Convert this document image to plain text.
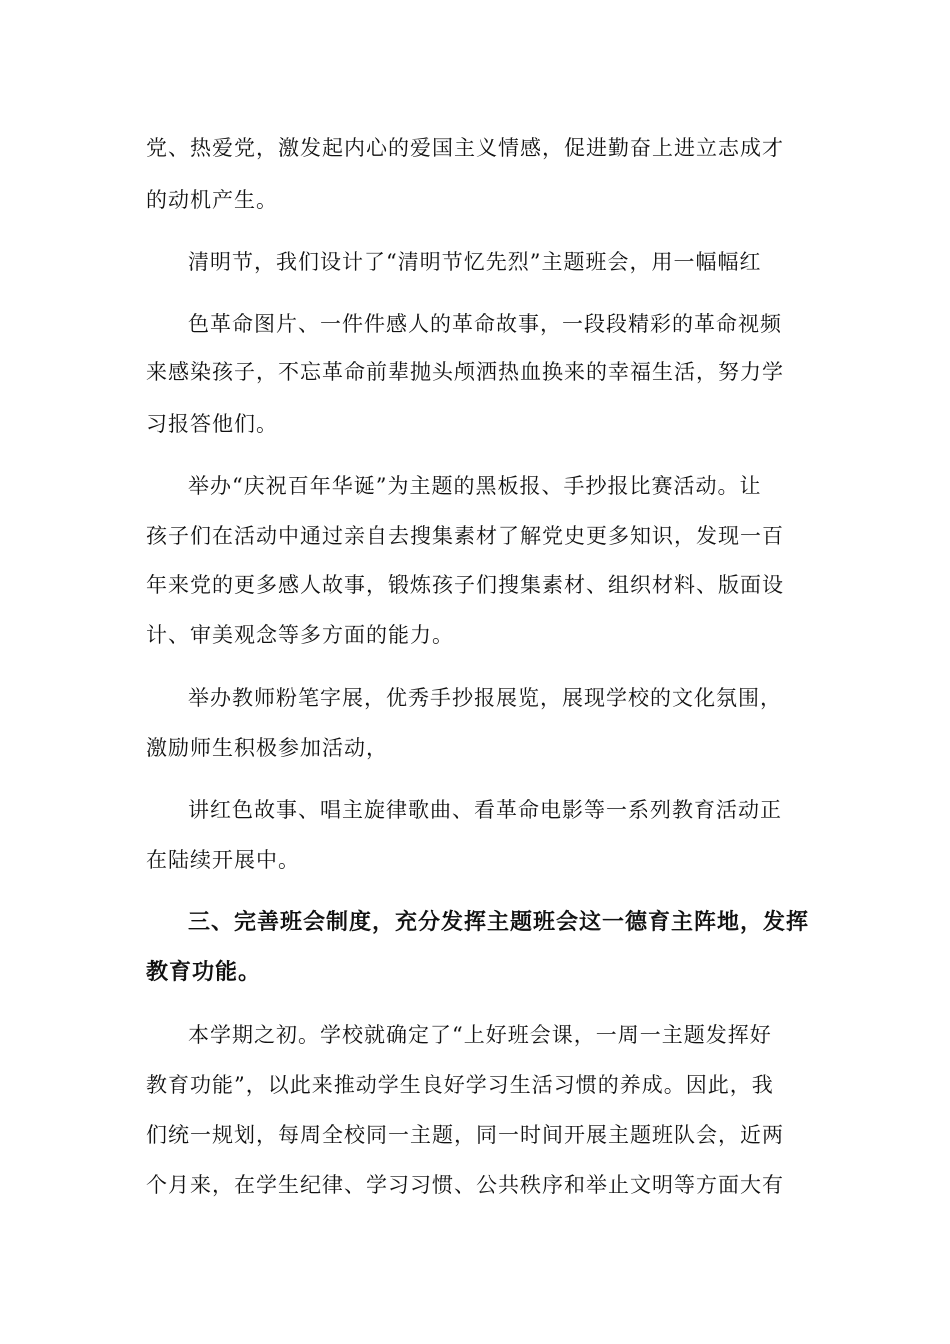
党、热爱党，激发起内心的爱国主义情感，促进勤奋上进立志成才
的动机产生。
清明节，我们设计了“清明节忆先烈”主题班会，用一幅幅红
色革命图片、一件件感人的革命故事，一段段精彩的革命视频
来感染孩子，不忘革命前辈抛头颅洒热血换来的幸福生活，努力学
习报答他们。
举办“庆祝百年华诞”为主题的黑板报、手抄报比赛活动。让
孩子们在活动中通过亲自去搜集素材了解党史更多知识，发现一百
年来党的更多感人故事，锻炼孩子们搜集素材、组织材料、版面设
计、审美观念等多方面的能力。
举办教师粉笔字展，优秀手抄报展览，展现学校的文化氛围，
激励师生积极参加活动，
讲红色故事、唱主旋律歌曲、看革命电影等一系列教育活动正
在陆续开展中。
三、完善班会制度，充分发挥主题班会这一德育主阵地，发挥
教育功能。
本学期之初。学校就确定了“上好班会课，一周一主题发挥好
教育功能”，以此来推动学生良好学习生活习惯的养成。因此，我
们统一规划，每周全校同一主题，同一时间开展主题班队会，近两
个月来，在学生纪律、学习习惯、公共秩序和举止文明等方面大有
